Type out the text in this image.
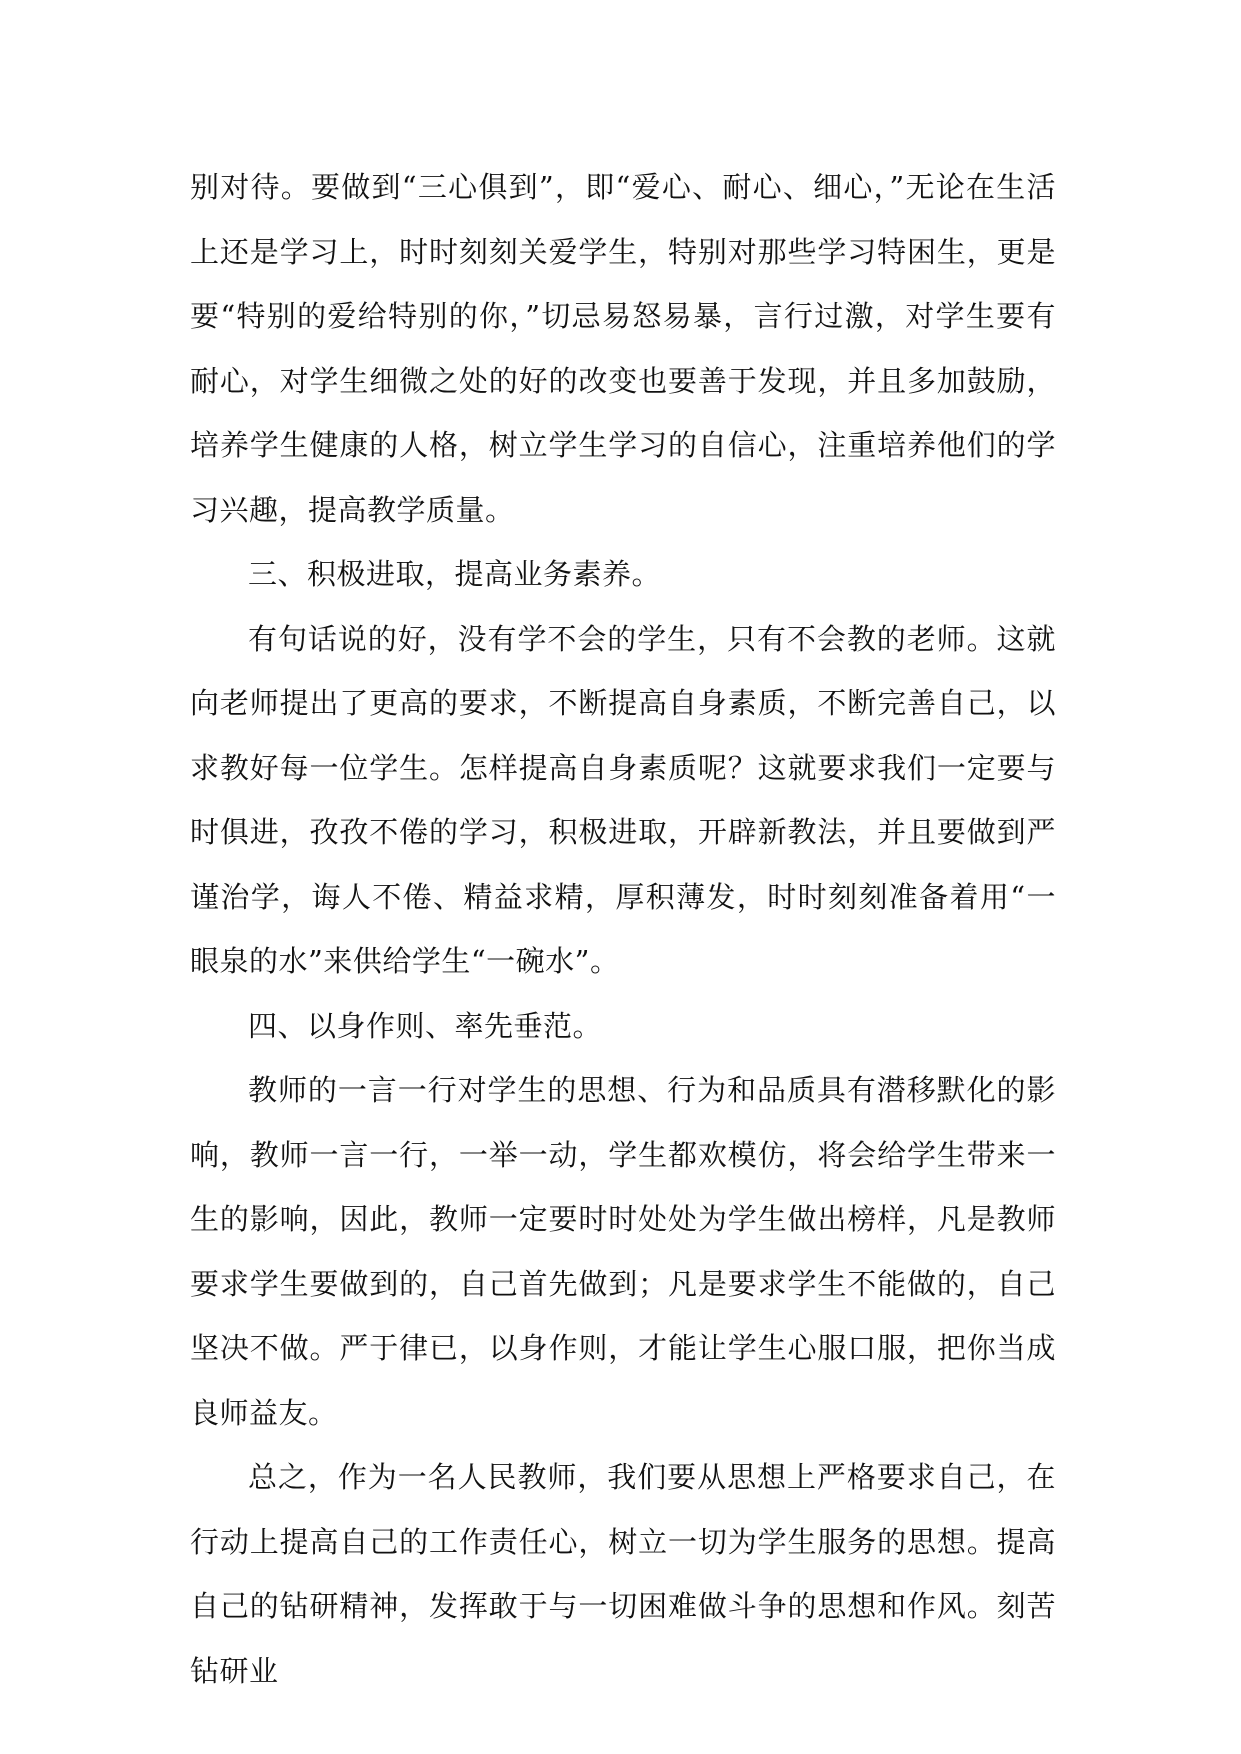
别对待。要做到“三心俱到”，即“爱心、耐心、细心，”无论在生活上还是学习上，时时刻刻关爱学生，特别对那些学习特困生，更是要“特别的爱给特别的你，”切忌易怒易暴，言行过激，对学生要有耐心，对学生细微之处的好的改变也要善于发现，并且多加鼓励，培养学生健康的人格，树立学生学习的自信心，注重培养他们的学习兴趣，提高教学质量。

三、积极进取，提高业务素养。

有句话说的好，没有学不会的学生，只有不会教的老师。这就向老师提出了更高的要求，不断提高自身素质，不断完善自己，以求教好每一位学生。怎样提高自身素质呢？这就要求我们一定要与时俱进，孜孜不倦的学习，积极进取，开辟新教法，并且要做到严谨治学，诲人不倦、精益求精，厚积薄发，时时刻刻准备着用“一眼泉的水”来供给学生“一碗水”。

四、以身作则、率先垂范。

教师的一言一行对学生的思想、行为和品质具有潜移默化的影响，教师一言一行，一举一动，学生都欢模仿，将会给学生带来一生的影响，因此，教师一定要时时处处为学生做出榜样，凡是教师要求学生要做到的，自己首先做到；凡是要求学生不能做的，自己坚决不做。严于律已，以身作则，才能让学生心服口服，把你当成良师益友。

总之，作为一名人民教师，我们要从思想上严格要求自己，在行动上提高自己的工作责任心，树立一切为学生服务的思想。提高自己的钻研精神，发挥敢于与一切困难做斗争的思想和作风。刻苦钻研业
